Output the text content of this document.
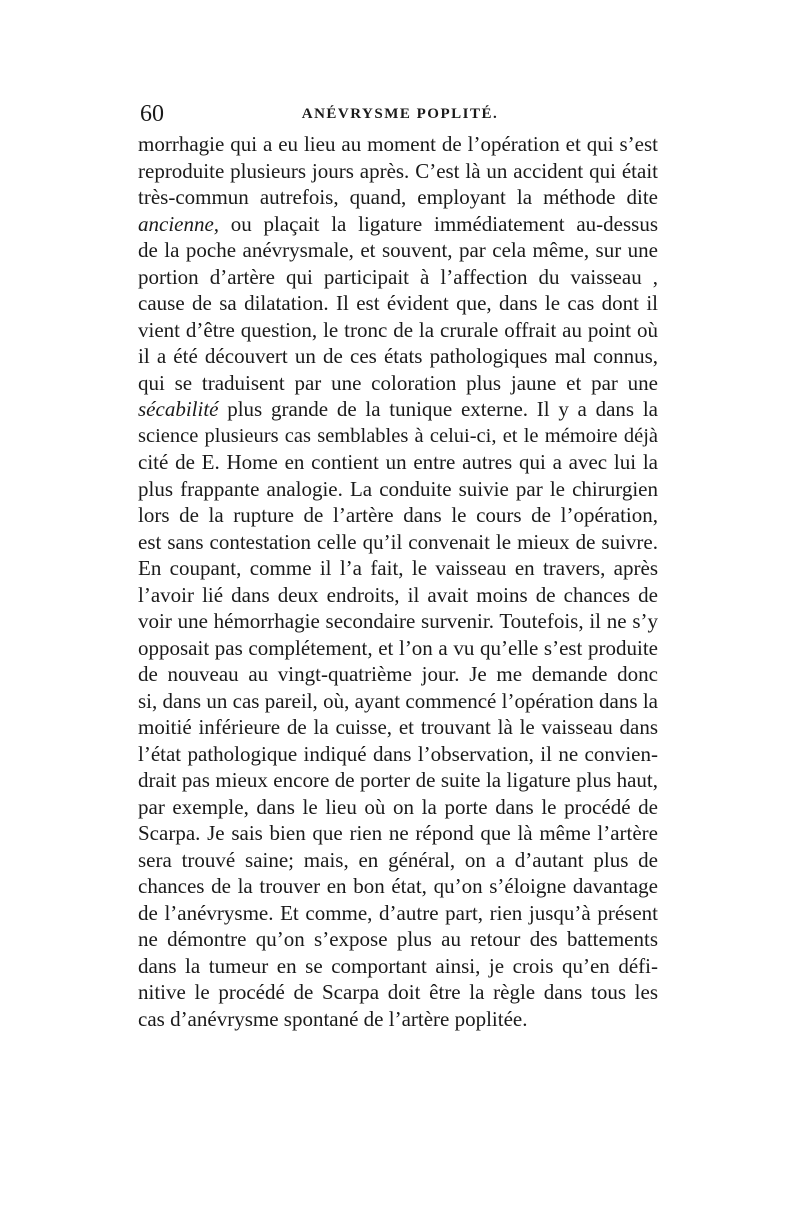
60	ANÉVRYSME POPLITÉ.
morrhagie qui a eu lieu au moment de l’opération et qui s’est
reproduite plusieurs jours après. C’est là un accident qui était
très-commun autrefois, quand, employant la méthode dite
ancienne, ou plaçait la ligature immédiatement au-dessus
de la poche anévrysmale, et souvent, par cela même, sur une
portion d’artère qui participait à l’affection du vaisseau ,
cause de sa dilatation. Il est évident que, dans le cas dont il
vient d’être question, le tronc de la crurale offrait au point où
il a été découvert un de ces états pathologiques mal connus,
qui se traduisent par une coloration plus jaune et par une
sécabilité plus grande de la tunique externe. Il y a dans la
science plusieurs cas semblables à celui-ci, et le mémoire déjà
cité de E. Home en contient un entre autres qui a avec lui la
plus frappante analogie. La conduite suivie par le chirurgien
lors de la rupture de l’artère dans le cours de l’opération,
est sans contestation celle qu’il convenait le mieux de suivre.
En coupant, comme il l’a fait, le vaisseau en travers, après
l’avoir lié dans deux endroits, il avait moins de chances de
voir une hémorrhagie secondaire survenir. Toutefois, il ne s’y
opposait pas complétement, et l’on a vu qu’elle s’est produite
de nouveau au vingt-quatrième jour. Je me demande donc
si, dans un cas pareil, où, ayant commencé l’opération dans la
moitié inférieure de la cuisse, et trouvant là le vaisseau dans
l’état pathologique indiqué dans l’observation, il ne convien-
drait pas mieux encore de porter de suite la ligature plus haut,
par exemple, dans le lieu où on la porte dans le procédé de
Scarpa. Je sais bien que rien ne répond que là même l’artère
sera trouvé saine; mais, en général, on a d’autant plus de
chances de la trouver en bon état, qu’on s’éloigne davantage
de l’anévrysme. Et comme, d’autre part, rien jusqu’à présent
ne démontre qu’on s’expose plus au retour des battements
dans la tumeur en se comportant ainsi, je crois qu’en défi-
nitive le procédé de Scarpa doit être la règle dans tous les
cas d’anévrysme spontané de l’artère poplitée.
